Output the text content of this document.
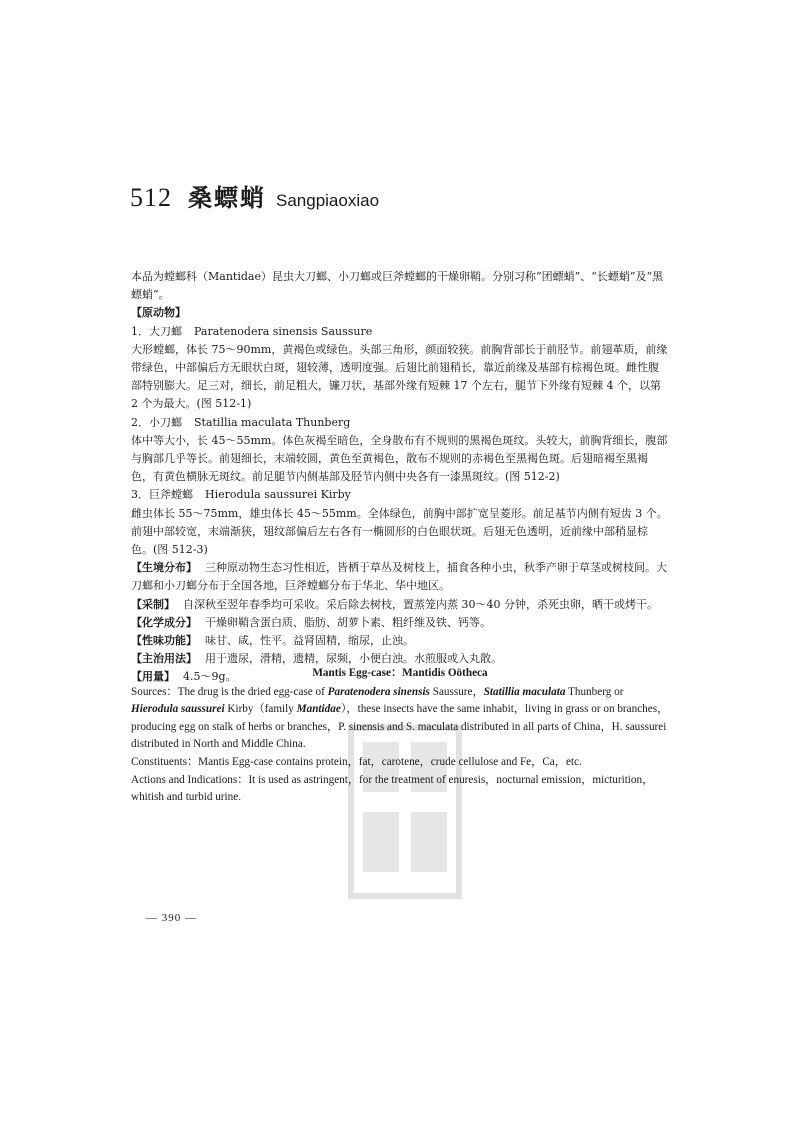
512 桑螵蛸 Sangpiaoxiao

本品为螳螂科（Mantidae）昆虫大刀螂、小刀螂或巨斧螳螂的干燥卵鞘。分别习称“团螵蛸”、“长螵蛸”及“黑螵蛸”。

【原动物】

1．大刀螂 Paratenodera sinensis Saussure

大形螳螂，体长 75～90mm，黄褐色或绿色。头部三角形，颜面较狭。前胸背部长于前胫节。前翅革质，前缘带绿色，中部偏后方无眼状白斑，翅较薄，透明度强。后翅比前翅稍长，靠近前缘及基部有棕褐色斑。雌性腹部特别膨大。足三对，细长，前足粗大，镰刀状，基部外缘有短棘 17 个左右，腿节下外缘有短棘 4 个，以第 2 个为最大。(图 512-1)

2．小刀螂 Statillia maculata Thunberg

体中等大小，长 45～55mm。体色灰褐至暗色，全身散布有不规则的黑褐色斑纹。头较大，前胸背细长，腹部与胸部几乎等长。前翅细长，末端较圆，黄色至黄褐色，散布不规则的赤褐色至黑褐色斑。后翅暗褐至黑褐色，有黄色横脉无斑纹。前足腿节内侧基部及胫节内侧中央各有一漆黑斑纹。(图 512-2)

3．巨斧螳螂 Hierodula saussurei Kirby

雌虫体长 55～75mm，雄虫体长 45～55mm。全体绿色，前胸中部扩宽呈菱形。前足基节内侧有短齿 3 个。前翅中部较宽，末端渐狭，翅纹部偏后左右各有一椭圆形的白色眼状斑。后翅无色透明，近前缘中部稍显棕色。(图 512-3)

【生境分布】 三种原动物生态习性相近，皆栖于草丛及树枝上，捕食各种小虫，秋季产卵于草茎或树枝间。大刀螂和小刀螂分布于全国各地，巨斧螳螂分布于华北、华中地区。

【采制】 自深秋至翌年春季均可采收。采后除去树枝，置蒸笼内蒸 30～40 分钟，杀死虫卵，晒干或烤干。

【化学成分】 干燥卵鞘含蛋白质、脂肪、胡萝卜素、粗纤维及铁、钙等。

【性味功能】 味甘、咸，性平。益肾固精，缩尿，止浊。

【主治用法】 用于遗尿，滑精，遗精，尿频，小便白浊。水煎服或入丸散。

【用量】 4.5～9g。	Mantis Egg-case：Mantidis Oötheca

Sources：The drug is the dried egg-case of Paratenodera sinensis Saussure，Statillia maculata Thunberg or Hierodula saussurei Kirby（family Mantidae），these insects have the same inhabit，living in grass or on branches，producing egg on stalk of herbs or branches，P. sinensis and S. maculata distributed in all parts of China，H. saussurei distributed in North and Middle China.

Constituents：Mantis Egg-case contains protein，fat，carotene，crude cellulose and Fe，Ca，etc.

Actions and Indications：It is used as astringent，for the treatment of enuresis，nocturnal emission，micturition，whitish and turbid urine.

— 390 —
